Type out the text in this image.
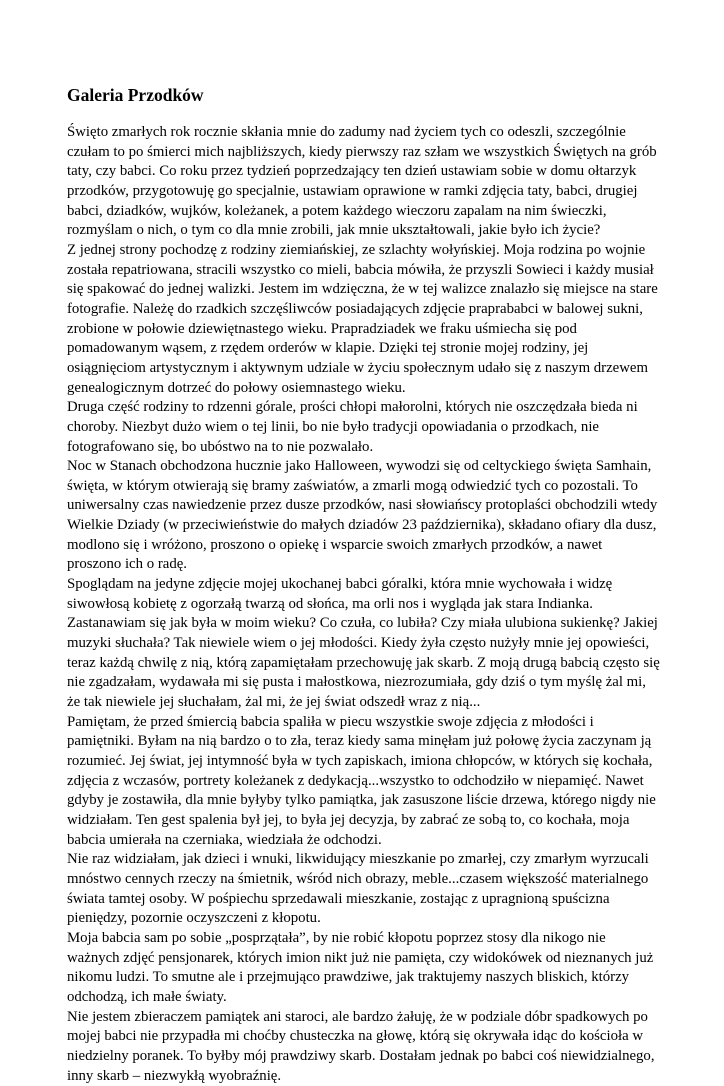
Galeria Przodków

Święto zmarłych rok rocznie skłania mnie do zadumy nad życiem tych co odeszli, szczególnie
czułam to po śmierci mich najbliższych, kiedy pierwszy raz szłam we wszystkich Świętych na grób
taty, czy babci. Co roku przez tydzień poprzedzający ten dzień ustawiam sobie w domu ołtarzyk
przodków, przygotowuję go specjalnie, ustawiam oprawione w ramki zdjęcia taty, babci, drugiej
babci, dziadków, wujków, koleżanek, a potem każdego wieczoru zapalam na nim świeczki,
rozmyślam o nich, o tym co dla mnie zrobili, jak mnie ukształtowali, jakie było ich życie?

Z jednej strony pochodzę z rodziny ziemiańskiej, ze szlachty wołyńskiej. Moja rodzina po wojnie
została repatriowana, stracili wszystko co mieli, babcia mówiła, że przyszli Sowieci i każdy musiał
się spakować do jednej walizki. Jestem im wdzięczna, że w tej walizce znalazło się miejsce na stare
fotografie. Należę do rzadkich szczęśliwców posiadających zdjęcie praprababci w balowej sukni,
zrobione w połowie dziewiętnastego wieku. Prapradziadek we fraku uśmiecha się pod
pomadowanym wąsem, z rzędem orderów w klapie. Dzięki tej stronie mojej rodziny, jej
osiągnięciom artystycznym i aktywnym udziale w życiu społecznym udało się z naszym drzewem
genealogicznym dotrzeć do połowy osiemnastego wieku.

Druga część rodziny to rdzenni górale, prości chłopi małorolni, których nie oszczędzała bieda ni
choroby. Niezbyt dużo wiem o tej linii, bo nie było tradycji opowiadania o przodkach, nie
fotografowano się, bo ubóstwo na to nie pozwalało.

Noc w Stanach obchodzona hucznie jako Halloween, wywodzi się od celtyckiego święta Samhain,
święta, w którym otwierają się bramy zaświatów, a zmarli mogą odwiedzić tych co pozostali. To
uniwersalny czas nawiedzenie przez dusze przodków, nasi słowiańscy protoplaści obchodzili wtedy
Wielkie Dziady (w przeciwieństwie do małych dziadów 23 października), składano ofiary dla dusz,
modlono się i wróżono, proszono o opiekę i wsparcie swoich zmarłych przodków, a nawet
proszono ich o radę.

Spoglądam na jedyne zdjęcie mojej ukochanej babci góralki, która mnie wychowała i widzę
siwowłosą kobietę z ogorzałą twarzą od słońca, ma orli nos i wygląda jak stara Indianka.
Zastanawiam się jak była w moim wieku? Co czuła, co lubiła? Czy miała ulubiona sukienkę? Jakiej
muzyki słuchała? Tak niewiele wiem o jej młodości. Kiedy żyła często nużyły mnie jej opowieści,
teraz każdą chwilę z nią, którą zapamiętałam przechowuję jak skarb. Z moją drugą babcią często się
nie zgadzałam, wydawała mi się pusta i małostkowa, niezrozumiała, gdy dziś o tym myślę żal mi,
że tak niewiele jej słuchałam, żal mi, że jej świat odszedł wraz z nią...

Pamiętam, że przed śmiercią babcia spaliła w piecu wszystkie swoje zdjęcia z młodości i
pamiętniki. Byłam na nią bardzo o to zła, teraz kiedy sama minęłam już połowę życia zaczynam ją
rozumieć. Jej świat, jej intymność była w tych zapiskach, imiona chłopców, w których się kochała,
zdjęcia z wczasów, portrety koleżanek z dedykacją...wszystko to odchodziło w niepamięć. Nawet
gdyby je zostawiła, dla mnie byłyby tylko pamiątka, jak zasuszone liście drzewa, którego nigdy nie
widziałam. Ten gest spalenia był jej, to była jej decyzja, by zabrać ze sobą to, co kochała, moja
babcia umierała na czerniaka, wiedziała że odchodzi.

Nie raz widziałam, jak dzieci i wnuki, likwidujący mieszkanie po zmarłej, czy zmarłym wyrzucali
mnóstwo cennych rzeczy na śmietnik, wśród nich obrazy, meble...czasem większość materialnego
świata tamtej osoby. W pośpiechu sprzedawali mieszkanie, zostając z upragnioną spuścizna
pieniędzy, pozornie oczyszczeni z kłopotu.

Moja babcia sam po sobie „posprzątała”, by nie robić kłopotu poprzez stosy dla nikogo nie
ważnych zdjęć pensjonarek, których imion nikt już nie pamięta, czy widokówek od nieznanych już
nikomu ludzi. To smutne ale i przejmująco prawdziwe, jak traktujemy naszych bliskich, którzy
odchodzą, ich małe światy.

Nie jestem zbieraczem pamiątek ani staroci, ale bardzo żałuję, że w podziale dóbr spadkowych po
mojej babci nie przypadła mi choćby chusteczka na głowę, którą się okrywała idąc do kościoła w
niedzielny poranek. To byłby mój prawdziwy skarb. Dostałam jednak po babci coś niewidzialnego,
inny skarb – niezwykłą wyobraźnię.
